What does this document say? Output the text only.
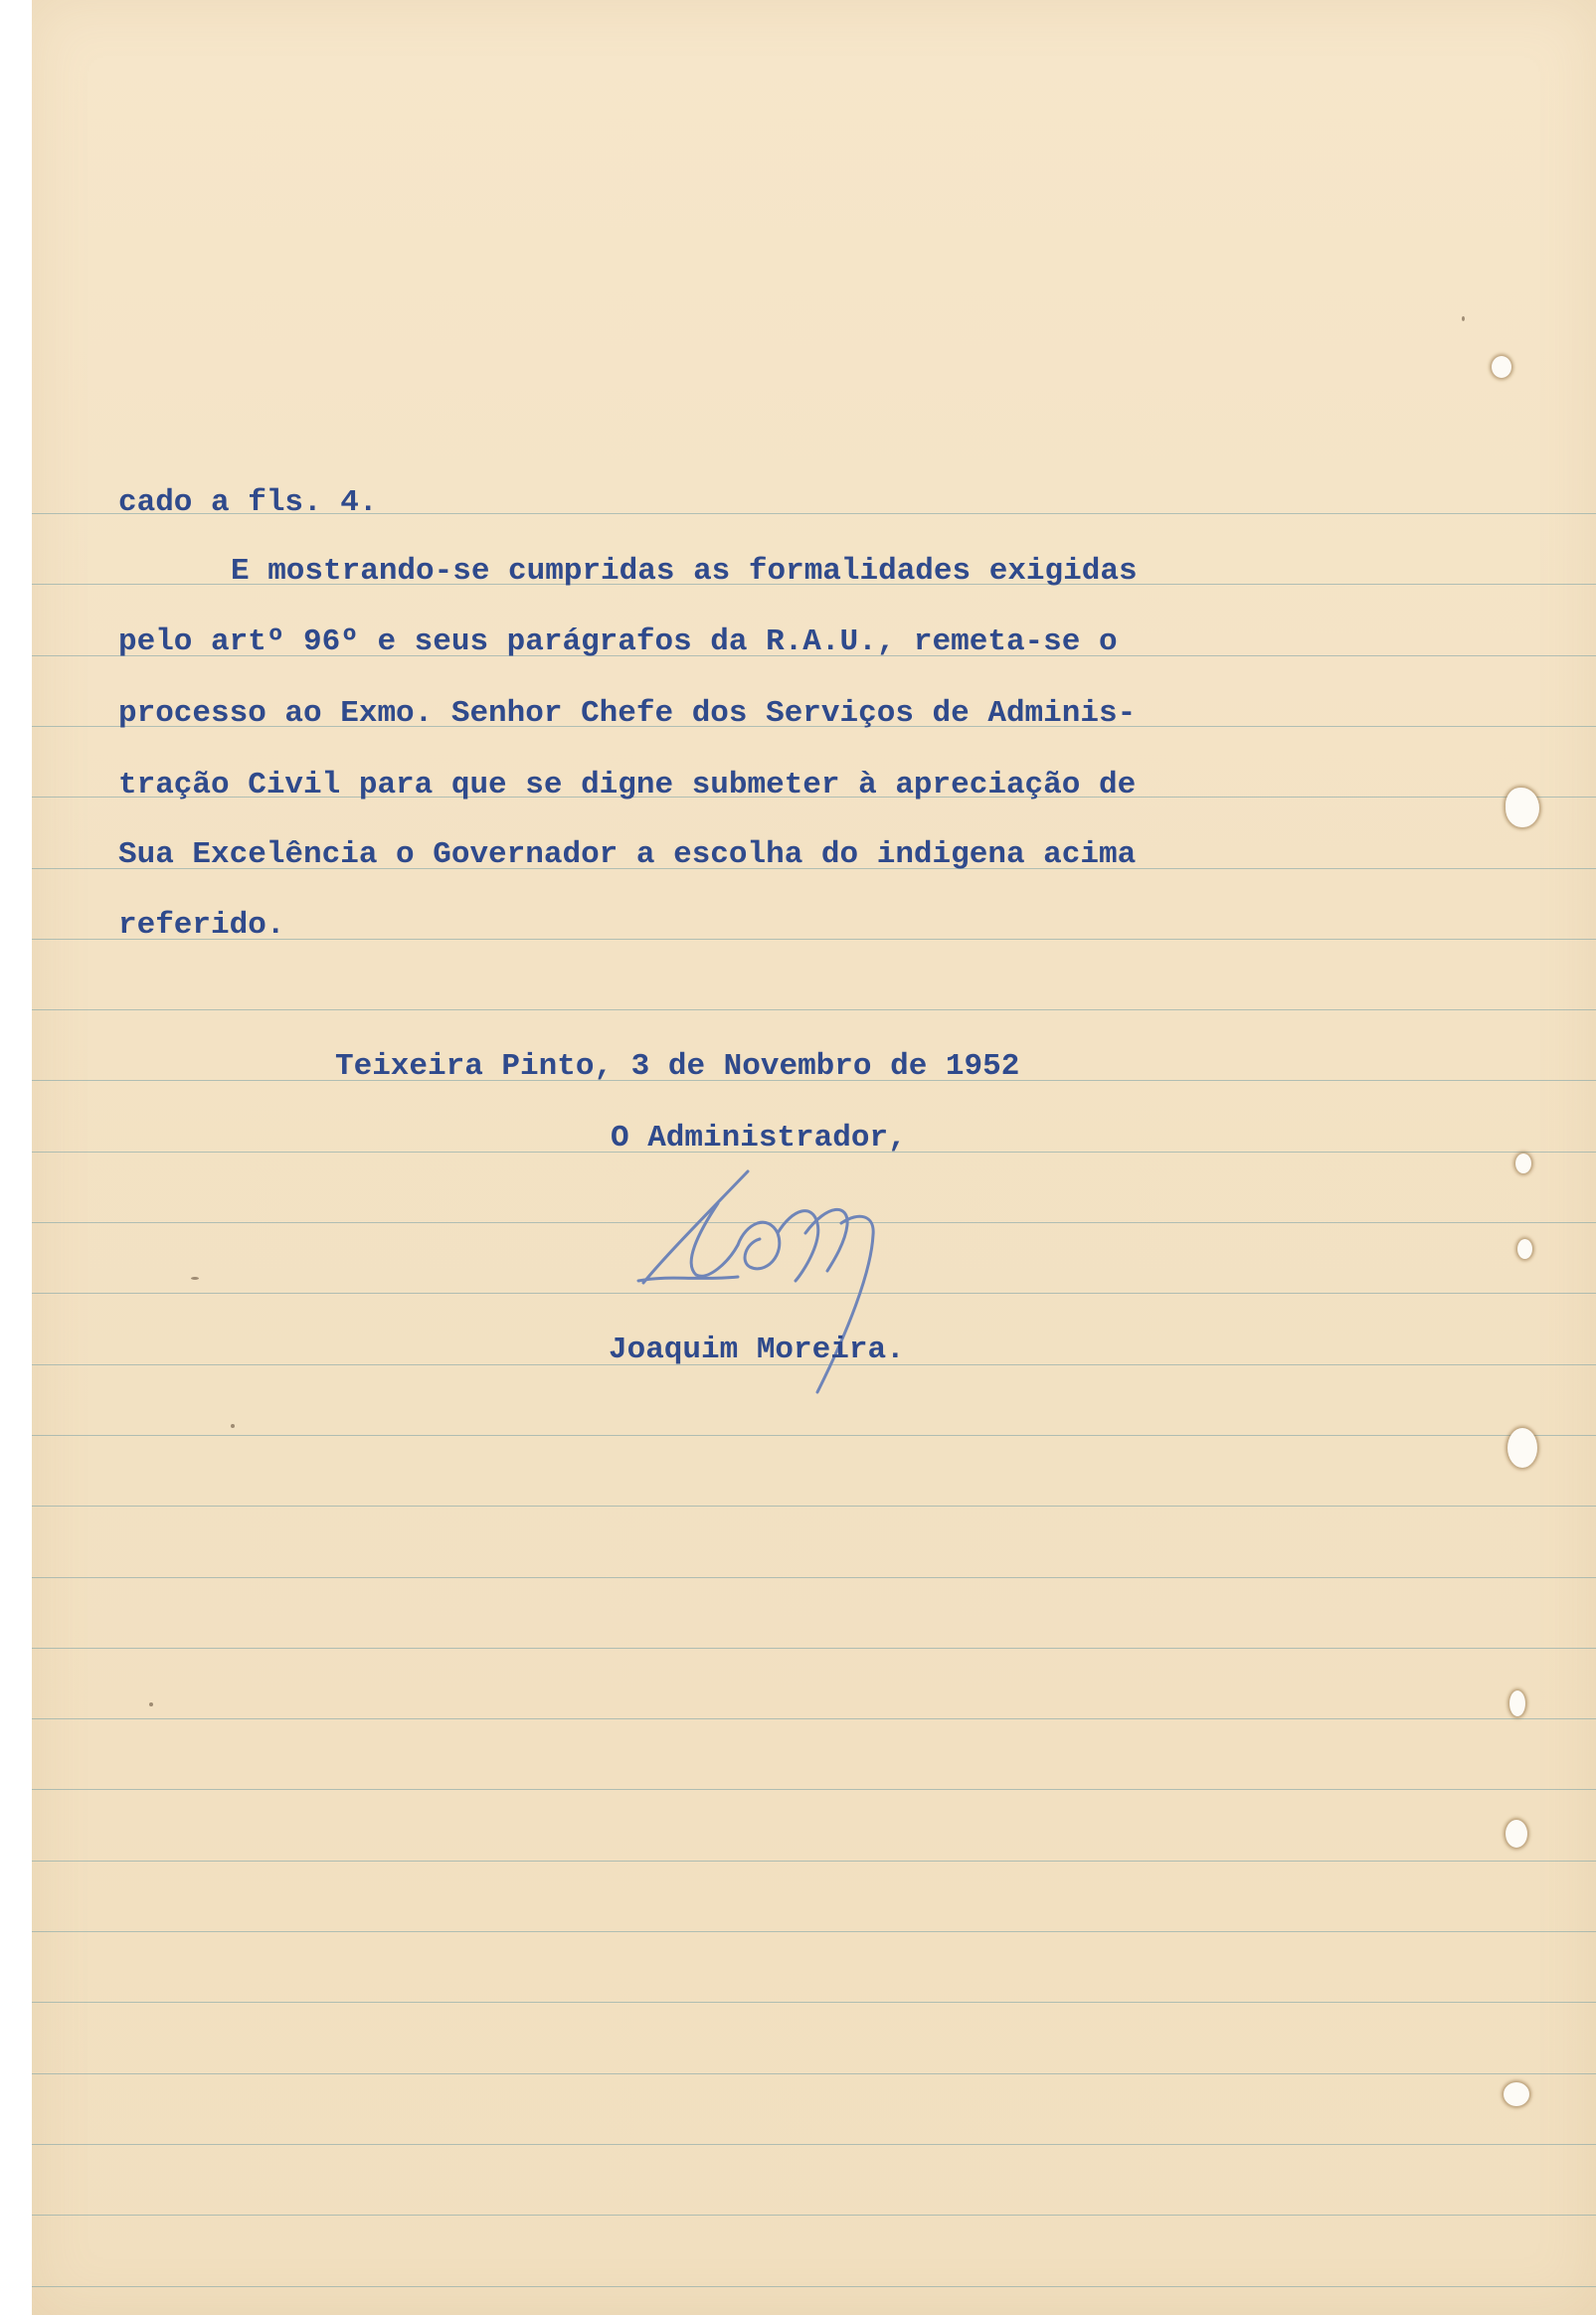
cado a fls. 4.
E mostrando-se cumpridas as formalidades exigidas
pelo artº 96º e seus parágrafos da R.A.U., remeta-se o
processo ao Exmo. Senhor Chefe dos Serviços de Adminis-
tração Civil para que se digne submeter à apreciação de
Sua Excelência o Governador a escolha do indigena acima
referido.
Teixeira Pinto, 3 de Novembro de 1952
O Administrador,
Joaquim Moreira.
